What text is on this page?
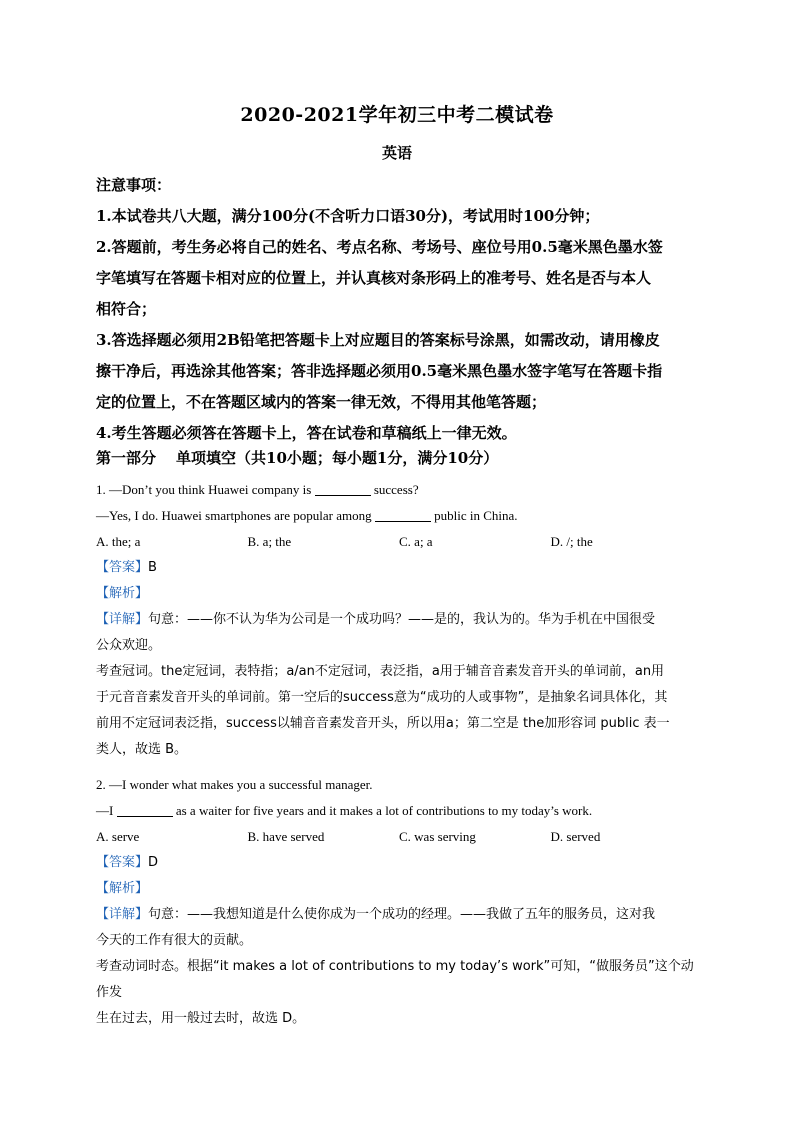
2020-2021学年初三中考二模试卷
英语
注意事项：
1.本试卷共八大题，满分100分(不含听力口语30分)，考试用时100分钟；
2.答题前，考生务必将自己的姓名、考点名称、考场号、座位号用0.5毫米黑色墨水签
字笔填写在答题卡相对应的位置上，并认真核对条形码上的准考号、姓名是否与本人
相符合；
3.答选择题必须用2B铅笔把答题卡上对应题目的答案标号涂黑，如需改动，请用橡皮
擦干净后，再选涂其他答案；答非选择题必须用0.5毫米黑色墨水签字笔写在答题卡指
定的位置上，不在答题区域内的答案一律无效，不得用其他笔答题；
4.考生答题必须答在答题卡上，答在试卷和草稿纸上一律无效。
第一部分 单项填空（共10小题；每小题1分，满分10分）
1. —Don’t you think Huawei company is	success?
—Yes, I do. Huawei smartphones are popular among	public in China.
A. the; a	B. a; the	C. a; a	D. /; the
【答案】B
【解析】
【详解】句意：——你不认为华为公司是一个成功吗？——是的，我认为的。华为手机在中国很受
公众欢迎。
考查冠词。the定冠词，表特指；a/an不定冠词，表泛指，a用于辅音音素发音开头的单词前，an用
于元音音素发音开头的单词前。第一空后的success意为“成功的人或事物”，是抽象名词具体化，其
前用不定冠词表泛指，success以辅音音素发音开头，所以用a；第二空是 the加形容词 public 表一
类人，故选 B。
2. —I wonder what makes you a successful manager.
—I	as a waiter for five years and it makes a lot of contributions to my today’s work.
A. serve	B. have served	C. was serving	D. served
【答案】D
【解析】
【详解】句意：——我想知道是什么使你成为一个成功的经理。——我做了五年的服务员，这对我
今天的工作有很大的贡献。
考查动词时态。根据“it makes a lot of contributions to my today’s work”可知，“做服务员”这个动作发
生在过去，用一般过去时，故选 D。
